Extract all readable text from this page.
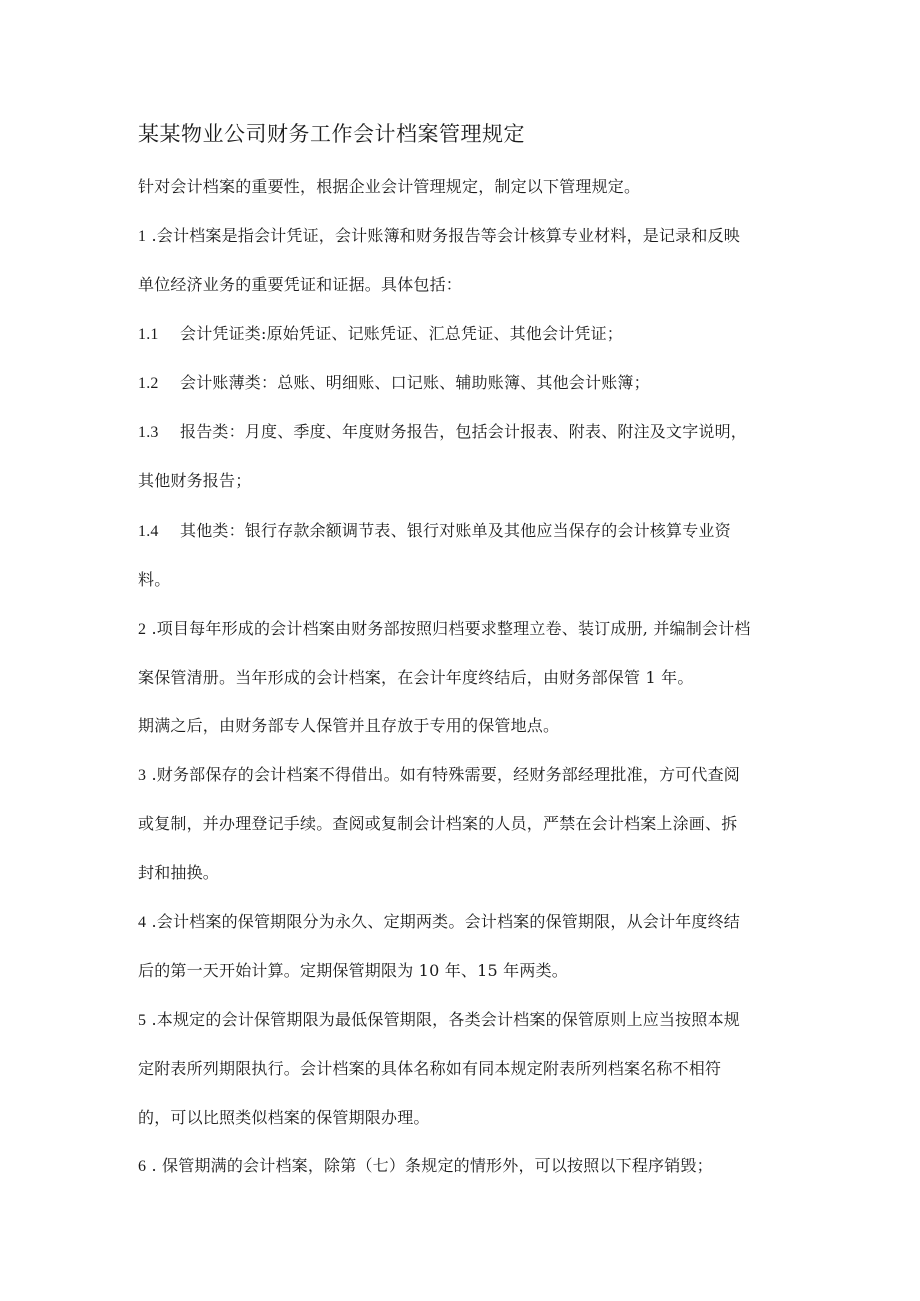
某某物业公司财务工作会计档案管理规定
针对会计档案的重要性，根据企业会计管理规定，制定以下管理规定。
1 .会计档案是指会计凭证，会计账簿和财务报告等会计核算专业材料，是记录和反映
单位经济业务的重要凭证和证据。具体包括：
1.1 会计凭证类:原始凭证、记账凭证、汇总凭证、其他会计凭证；
1.2 会计账薄类：总账、明细账、口记账、辅助账簿、其他会计账簿；
1.3 报告类：月度、季度、年度财务报告，包括会计报表、附表、附注及文字说明，
其他财务报告；
1.4 其他类：银行存款余额调节表、银行对账单及其他应当保存的会计核算专业资
料。
2 .项目每年形成的会计档案由财务部按照归档要求整理立卷、装订成册, 并编制会计档
案保管清册。当年形成的会计档案，在会计年度终结后，由财务部保管 1 年。
期满之后，由财务部专人保管并且存放于专用的保管地点。
3 .财务部保存的会计档案不得借出。如有特殊需要，经财务部经理批准，方可代查阅
或复制，并办理登记手续。查阅或复制会计档案的人员，严禁在会计档案上涂画、拆
封和抽换。
4 .会计档案的保管期限分为永久、定期两类。会计档案的保管期限，从会计年度终结
后的第一天开始计算。定期保管期限为 10 年、15 年两类。
5 .本规定的会计保管期限为最低保管期限，各类会计档案的保管原则上应当按照本规
定附表所列期限执行。会计档案的具体名称如有同本规定附表所列档案名称不相符
的，可以比照类似档案的保管期限办理。
6 . 保管期满的会计档案，除第（七）条规定的情形外，可以按照以下程序销毁；
